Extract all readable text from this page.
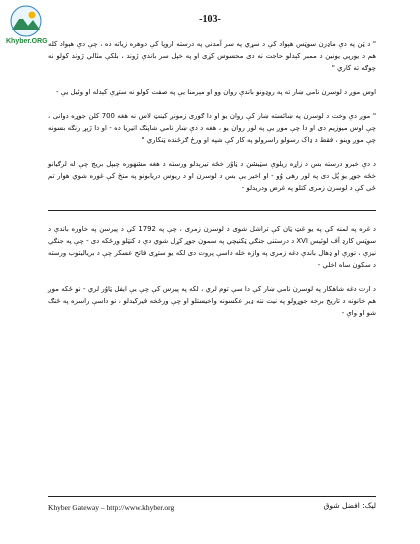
Khyber.ORG
-103-

" د ټن په دې ماډرن سوټس هېواد کې د سړي په سر آمدني په درسته اروپا کې دوهره زياته ده ، چې دې هېواد کله هم د يورپي يونين د ممبر کېدلو حاجت نه دی محسوس کړی او په خپل سر باندې ژوند ، بلکې مثالي ژوند کولو نه چوګه ته کاري "

اوس موږ د لوسرن نامي ښار ته په روډونو باندې روان وو او مېرمنا يې په صفت کولو نه ستړې کېدله او وئيل يې -

" موږ دې وخت د لوسرن په ښائسته ښار کې روان يو او دا ګوری زمونږ کينټ لاس نه هغه 700 کلن جوړه دوانی ، چې اوس ميوزيم دی او دا چې موږ يې په لور روان يو ، هغه د دې ښار نامي شاپنګ اتيريا ده - او دا ژېړ رنګه بسونه چې موږ وينو ، فقط د ډاک رسولو راسرولو په کار کې شپه او ورځ ګرځنده ټنکاري "

د دې خبرو درسته بس د زاړه ريلوې سټيشن د ټاوُر خځه تيرېدلو ورسته د هغه مشهوره چيپل بريج چې له لرګيانو خځه جوړ يو پُل دی په لور رهی وُو - او اخير يې بس د لوسرن او د ريوس دريابونو په منځ کې غوره شوي هوار تم ځی کې د لوسرن زمری کتلو په غرض ودريدلو -

د غره په لمنه کې په يو غټ ټان کې تراشل شوی د لوسرن زمری ، چې په 1792 کې د پيرسن په خاوره باندې د سوټس کارډ آف لوئيس XVI د درستنی جنګي ټکنيچي په سمون جوړ کړل شوي دې د کنټلو ورځکه دی - چې په جنګي نيزې ، تورې او ډهال باندې دغه زمری په وازه خله داسې پروت دی لکه يو ستړی فاتح عسکر چې د بريالیتوب ورسته د سکون ساه اخلي -

د ارت دغه شاهکار په لوسرن نامي ښار کې دا سې توم لري ، لکه په پيرس کې چې يې ايفل ټاوُر لري - نو ځکه موږ هم خانونه د تاريخ برخه جوړولو په نيت ننه ډير عکسونه واخيستلو او چې ورځخه فيرکيدلو ، نو داسې راسره په ځنګ شو او واې -

Khyber Gateway – http://www.khyber.org	ليک: افضل شوق
